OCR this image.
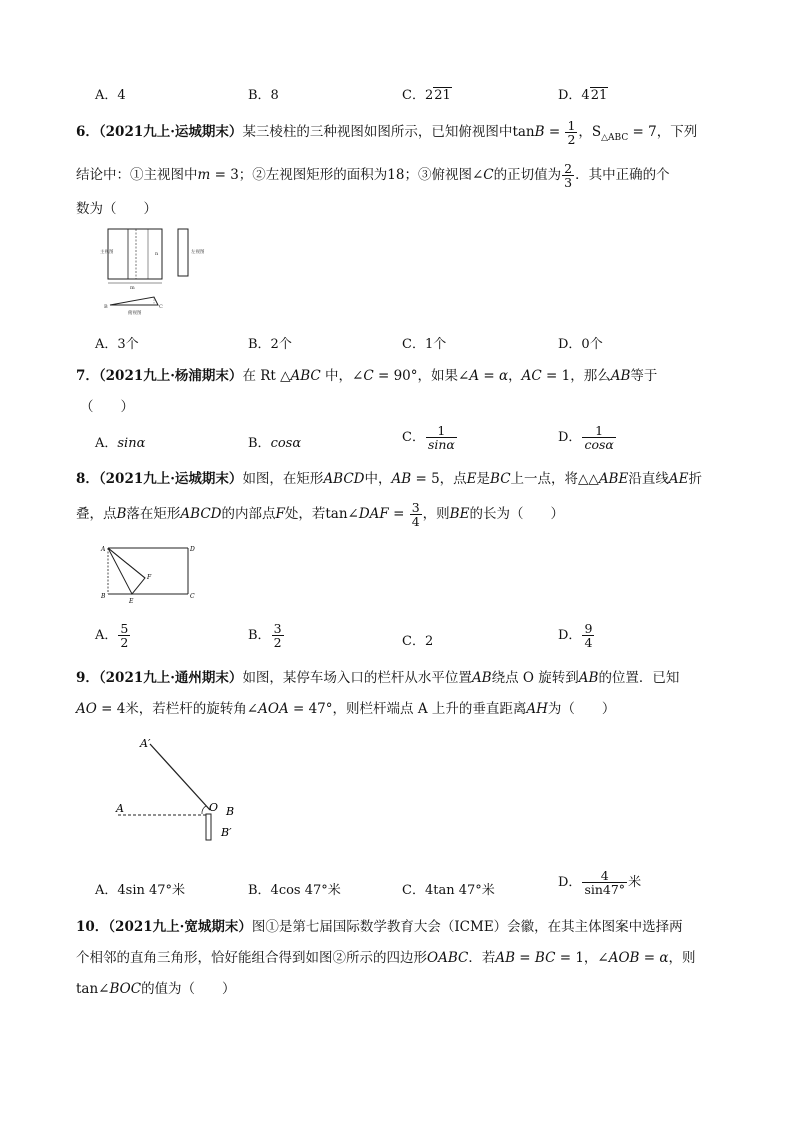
A．4	B．8	C．221	D．421
6．（2021九上·运城期末）某三棱柱的三种视图如图所示，已知俯视图中$\tan B = \frac{1}{2}$ ，$S_{\triangle ABC} = 7$，下列
结论中：①主视图中m = 3；②左视图矩形的面积为18；③俯视图∠C的正切值为 $\frac{2}{3}$ ．其中正确的个
数为（　　）
主视图	n
m
左视图
B	C
俯视图
A．3个	B．2个	C．1个	D．0个
7．（2021九上·杨浦期末）在 Rt △ABC 中，∠C = 90°，如果∠A = α，AC = 1，那么AB等于
（　　）
A．sinα	B．cosα	C． $\frac{1}{\sin\alpha}$	D． $\frac{1}{\cos\alpha}$
8．（2021九上·运城期末）如图，在矩形ABCD中，AB = 5，点E是BC上一点，将△△ABE沿直线AE折
叠，点B落在矩形ABCD的内部点F处，若tan∠DAF = $\frac{3}{4}$ ，则BE的长为（　　）
A	D
B	C
E
F
A． $\frac{5}{2}$	B． $\frac{3}{2}$	C．2	D． $\frac{9}{4}$
9．（2021九上·通州期末）如图，某停车场入口的栏杆从水平位置AB绕点 O 旋转到AB的位置．已知
AO = 4米，若栏杆的旋转角∠AOA = 47°，则栏杆端点 A 上升的垂直距离AH为（　　）
A′
A	O B
B′
A．4sin 47°米	B．4cos 47°米	C．4tan 47°米
D． $\frac{4}{\sin 47^\circ}$ 米
10．（2021九上·宽城期末）图①是第七届国际数学教育大会（ICME）会徽，在其主体图案中选择两
个相邻的直角三角形，恰好能组合得到如图②所示的四边形OABC．若AB = BC = 1，∠AOB = α，则
tan∠BOC的值为（　　）
